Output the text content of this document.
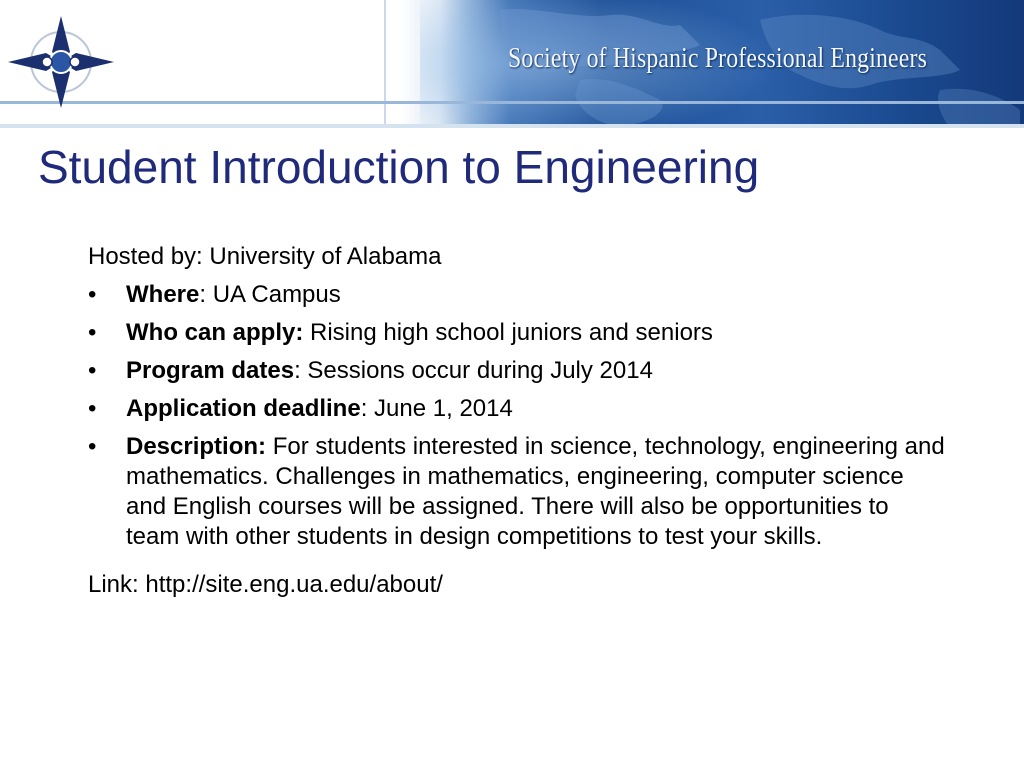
Society of Hispanic Professional Engineers
Student Introduction to Engineering

Hosted by: University of Alabama

• Where: UA Campus
• Who can apply: Rising high school juniors and seniors
• Program dates: Sessions occur during July 2014
• Application deadline: June 1, 2014
• Description: For students interested in science, technology, engineering and mathematics. Challenges in mathematics, engineering, computer science and English courses will be assigned. There will also be opportunities to team with other students in design competitions to test your skills.

Link: http://site.eng.ua.edu/about/
